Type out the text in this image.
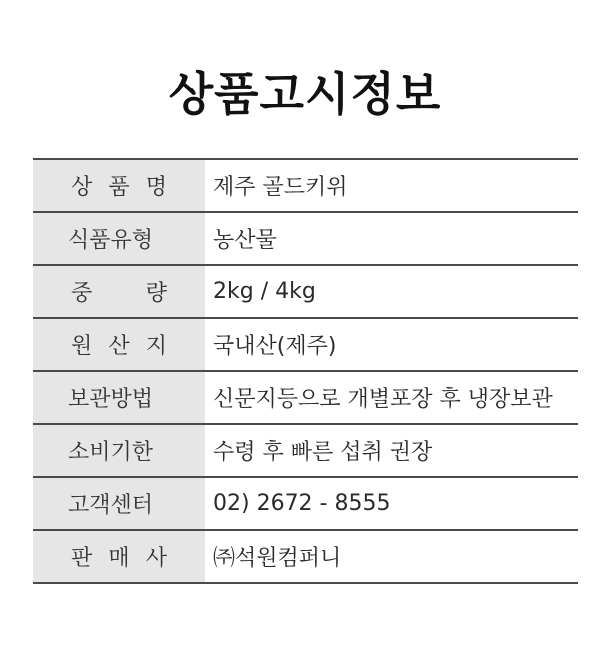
상품고시정보
상 품 명	제주 골드키위
식품유형	농산물
중 량	2kg / 4kg
원 산 지	국내산(제주)
보관방법	신문지등으로 개별포장 후 냉장보관
소비기한	수령 후 빠른 섭취 권장
고객센터	02) 2672 - 8555
판 매 사	㈜석원컴퍼니
